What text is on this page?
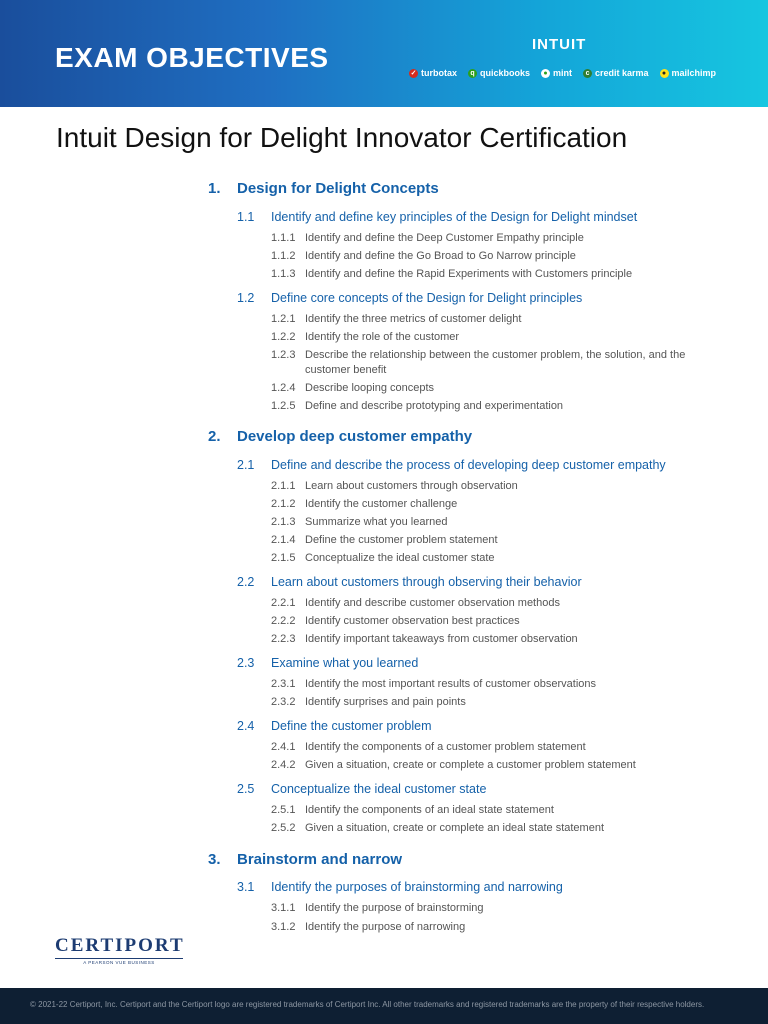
EXAM OBJECTIVES	INTUIT
✓ turbotax	q quickbooks	● mint	c credit karma	● mailchimp
Intuit Design for Delight Innovator Certification
1. Design for Delight Concepts
1.1 Identify and define key principles of the Design for Delight mindset
1.1.1 Identify and define the Deep Customer Empathy principle
1.1.2 Identify and define the Go Broad to Go Narrow principle
1.1.3 Identify and define the Rapid Experiments with Customers principle
1.2 Define core concepts of the Design for Delight principles
1.2.1 Identify the three metrics of customer delight
1.2.2 Identify the role of the customer
1.2.3 Describe the relationship between the customer problem, the solution, and the customer benefit
1.2.4 Describe looping concepts
1.2.5 Define and describe prototyping and experimentation
2. Develop deep customer empathy
2.1 Define and describe the process of developing deep customer empathy
2.1.1 Learn about customers through observation
2.1.2 Identify the customer challenge
2.1.3 Summarize what you learned
2.1.4 Define the customer problem statement
2.1.5 Conceptualize the ideal customer state
2.2 Learn about customers through observing their behavior
2.2.1 Identify and describe customer observation methods
2.2.2 Identify customer observation best practices
2.2.3 Identify important takeaways from customer observation
2.3 Examine what you learned
2.3.1 Identify the most important results of customer observations
2.3.2 Identify surprises and pain points
2.4 Define the customer problem
2.4.1 Identify the components of a customer problem statement
2.4.2 Given a situation, create or complete a customer problem statement
2.5 Conceptualize the ideal customer state
2.5.1 Identify the components of an ideal state statement
2.5.2 Given a situation, create or complete an ideal state statement
3. Brainstorm and narrow
3.1 Identify the purposes of brainstorming and narrowing
3.1.1 Identify the purpose of brainstorming
3.1.2 Identify the purpose of narrowing
CERTIPORT
A PEARSON VUE BUSINESS
© 2021-22 Certiport, Inc. Certiport and the Certiport logo are registered trademarks of Certiport Inc. All other trademarks and registered trademarks are the property of their respective holders.
